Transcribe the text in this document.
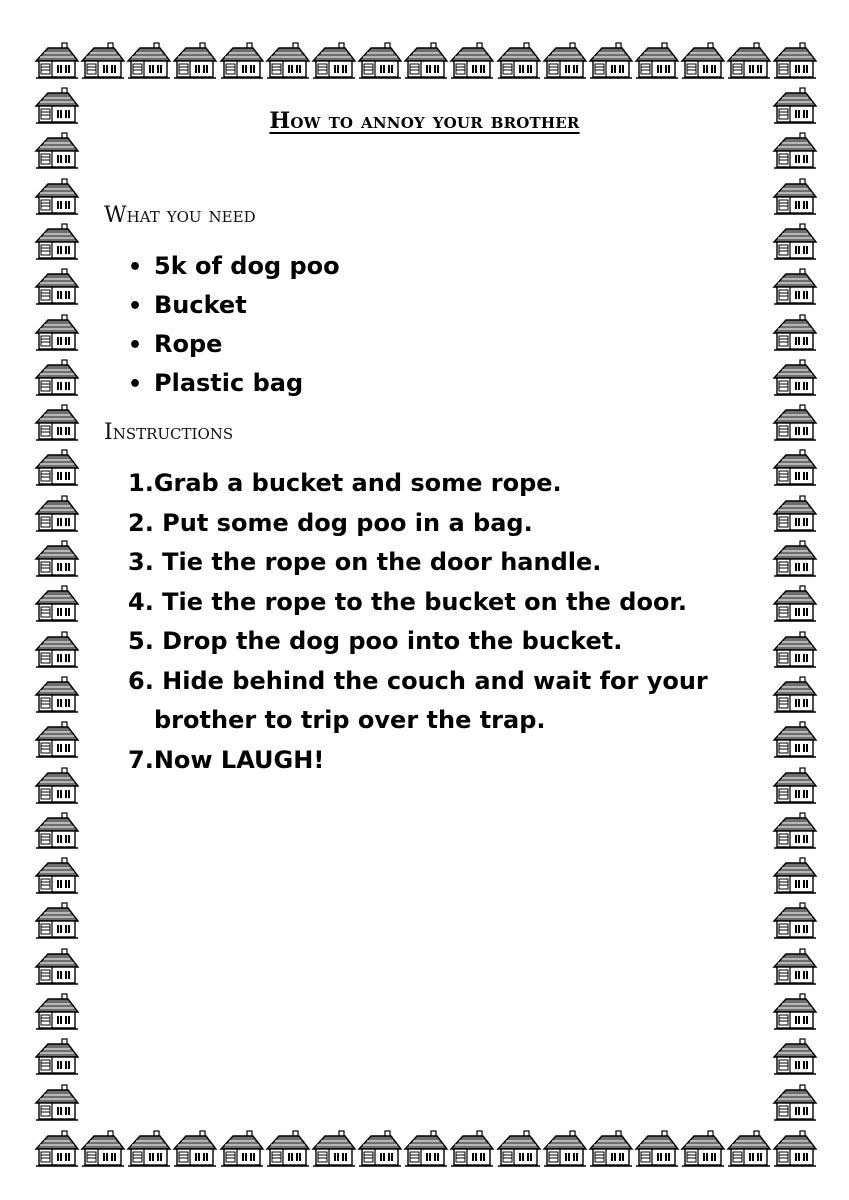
How to annoy your brother
What you need
• 5k of dog poo
• Bucket
• Rope
• Plastic bag
Instructions
1.Grab a bucket and some rope.
2. Put some dog poo in a bag.
3. Tie the rope on the door handle.
4. Tie the rope to the bucket on the door.
5. Drop the dog poo into the bucket.
6. Hide behind the couch and wait for your
brother to trip over the trap.
7.Now LAUGH!
